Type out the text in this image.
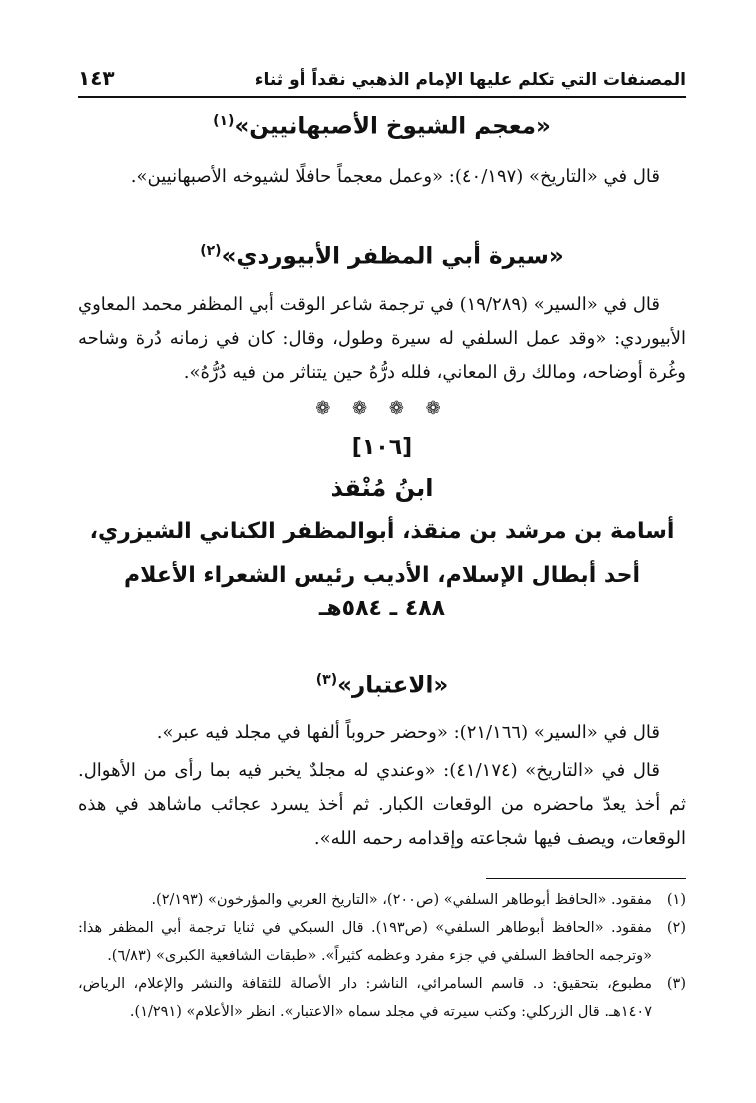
المصنفات التي تكلم عليها الإمام الذهبي نقداً أو ثناء
١٤٣
«معجم الشيوخ الأصبهانيين»$^{(١)}$

قال في «التاريخ» (٤٠/١٩٧): «وعمل معجماً حافلًا لشيوخه الأصبهانيين».

«سيرة أبي المظفر الأبيوردي»$^{(٢)}$

قال في «السير» (١٩/٢٨٩) في ترجمة شاعر الوقت أبي المظفر محمد المعاوي الأبيوردي: «وقد عمل السلفي له سيرة وطول، وقال: كان في زمانه دُرة وشاحه وغُرة أوضاحه، ومالك رق المعاني، فلله درُّهُ حين يتناثر من فيه دُرُّهُ».

❁ ❁ ❁ ❁
[١٠٦]
ابنُ مُنْقذ
أسامة بن مرشد بن منقذ، أبوالمظفر الكناني الشيزري،
أحد أبطال الإسلام، الأديب رئيس الشعراء الأعلام
٤٨٨ ـ ٥٨٤هـ
«الاعتبار»$^{(٣)}$

قال في «السير» (٢١/١٦٦): «وحضر حروباً ألفها في مجلد فيه عبر».

قال في «التاريخ» (٤١/١٧٤): «وعندي له مجلدٌ يخبر فيه بما رأى من الأهوال. ثم أخذ يعدّ ماحضره من الوقعات الكبار. ثم أخذ يسرد عجائب ماشاهد في هذه الوقعات، ويصف فيها شجاعته وإقدامه رحمه الله».

(١)
مفقود. «الحافظ أبوطاهر السلفي» (ص٢٠٠)، «التاريخ العربي والمؤرخون» (٢/١٩٣).
(٢)
مفقود. «الحافظ أبوطاهر السلفي» (ص١٩٣). قال السبكي في ثنايا ترجمة أبي المظفر هذا: «وترجمه الحافظ السلفي في جزء مفرد وعظمه كثيراً». «طبقات الشافعية الكبرى» (٦/٨٣).
(٣)
مطبوع، بتحقيق: د. قاسم السامرائي، الناشر: دار الأصالة للثقافة والنشر والإعلام، الرياض، ١٤٠٧هـ. قال الزركلي: وكتب سيرته في مجلد سماه «الاعتبار». انظر «الأعلام» (١/٢٩١).
